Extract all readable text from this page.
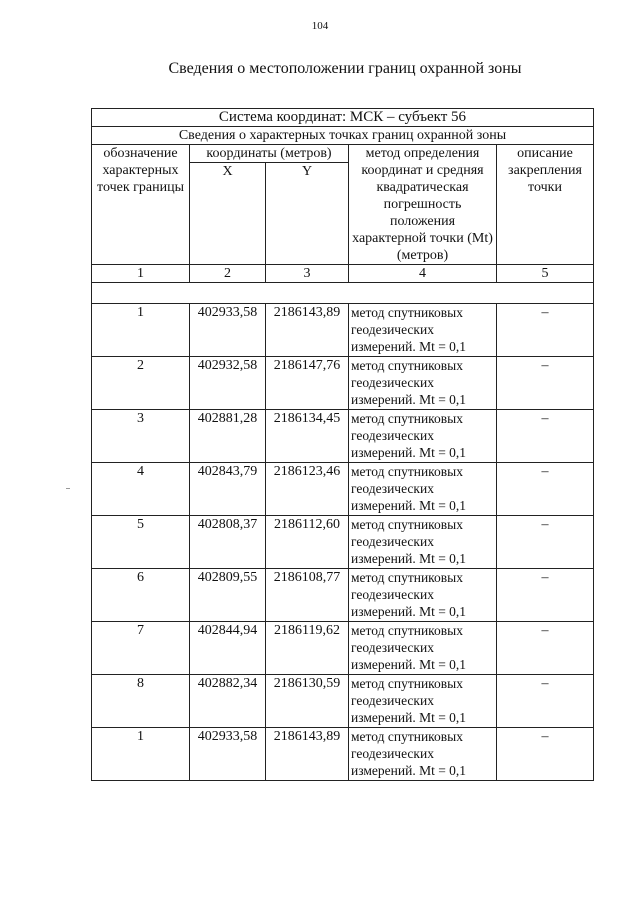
104
Сведения о местоположении границ охранной зоны
Система координат: МСК – субъект 56				
Сведения о характерных точках границ охранной зоны				
обозначение характерных точек границы	координаты (метров)		метод определения координат и средняя квадратическая погрешность положения характерной точки (Mt) (метров)	описание закрепления точки
	X	Y		
1	2	3	4	5

1	402933,58	2186143,89	метод спутниковых геодезических измерений. Mt = 0,1	–
2	402932,58	2186147,76	метод спутниковых геодезических измерений. Mt = 0,1	–
3	402881,28	2186134,45	метод спутниковых геодезических измерений. Mt = 0,1	–
4	402843,79	2186123,46	метод спутниковых геодезических измерений. Mt = 0,1	–
5	402808,37	2186112,60	метод спутниковых геодезических измерений. Mt = 0,1	–
6	402809,55	2186108,77	метод спутниковых геодезических измерений. Mt = 0,1	–
7	402844,94	2186119,62	метод спутниковых геодезических измерений. Mt = 0,1	–
8	402882,34	2186130,59	метод спутниковых геодезических измерений. Mt = 0,1	–
1	402933,58	2186143,89	метод спутниковых геодезических измерений. Mt = 0,1	–
